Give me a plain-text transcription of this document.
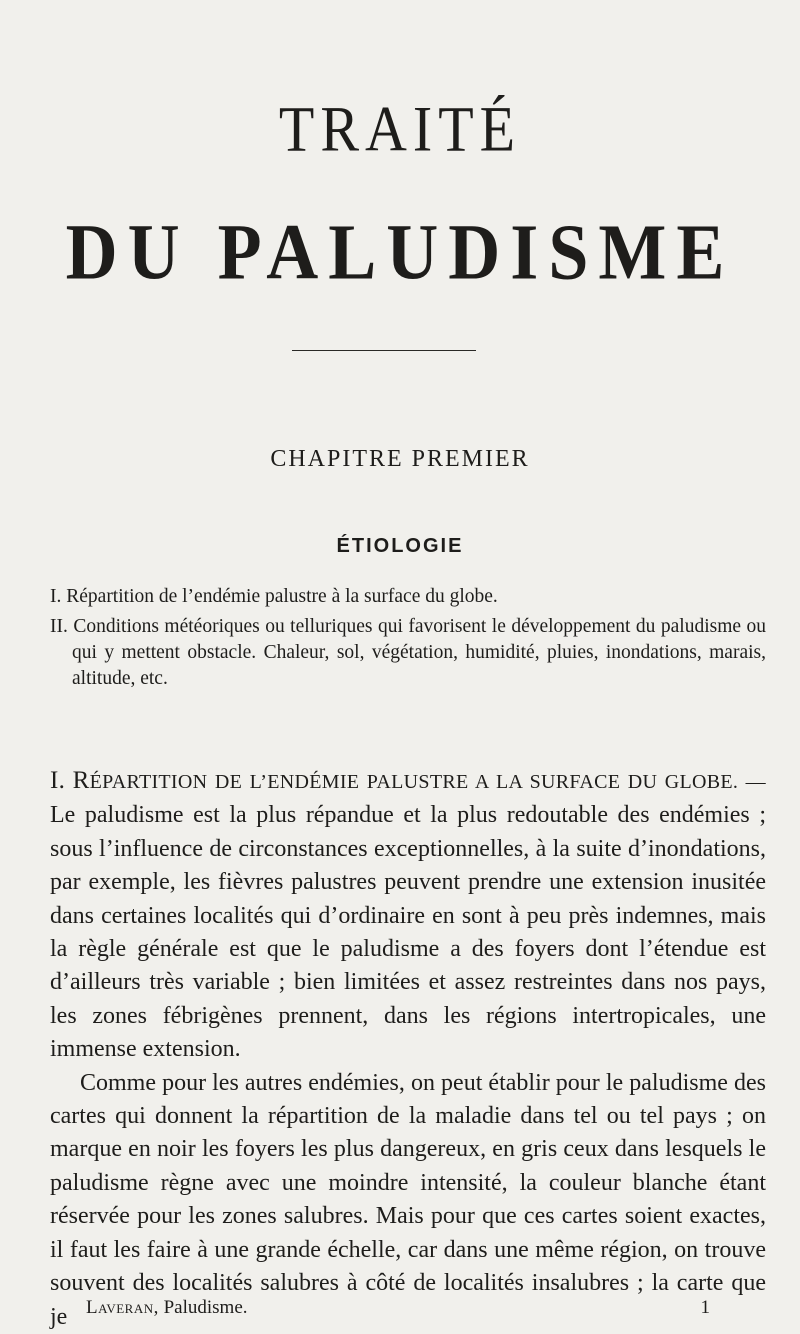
TRAITÉ
DU PALUDISME
CHAPITRE PREMIER
ÉTIOLOGIE
I. Répartition de l’endémie palustre à la surface du globe.
II. Conditions météoriques ou telluriques qui favorisent le développement du paludisme ou qui y mettent obstacle. Chaleur, sol, végétation, humidité, pluies, inondations, marais, altitude, etc.
I. RÉPARTITION DE L’ENDÉMIE PALUSTRE A LA SURFACE DU GLOBE. — Le paludisme est la plus répandue et la plus redoutable des endémies ; sous l’influence de circonstances exceptionnelles, à la suite d’inondations, par exemple, les fièvres palustres peuvent prendre une extension inusitée dans certaines localités qui d’ordinaire en sont à peu près indemnes, mais la règle générale est que le paludisme a des foyers dont l’étendue est d’ailleurs très variable ; bien limitées et assez restreintes dans nos pays, les zones fébrigènes prennent, dans les régions intertropicales, une immense extension.
Comme pour les autres endémies, on peut établir pour le paludisme des cartes qui donnent la répartition de la maladie dans tel ou tel pays ; on marque en noir les foyers les plus dangereux, en gris ceux dans lesquels le paludisme règne avec une moindre intensité, la couleur blanche étant réservée pour les zones salubres. Mais pour que ces cartes soient exactes, il faut les faire à une grande échelle, car dans une même région, on trouve souvent des localités salubres à côté de localités insalubres ; la carte que je Laveran, Paludisme.	1
